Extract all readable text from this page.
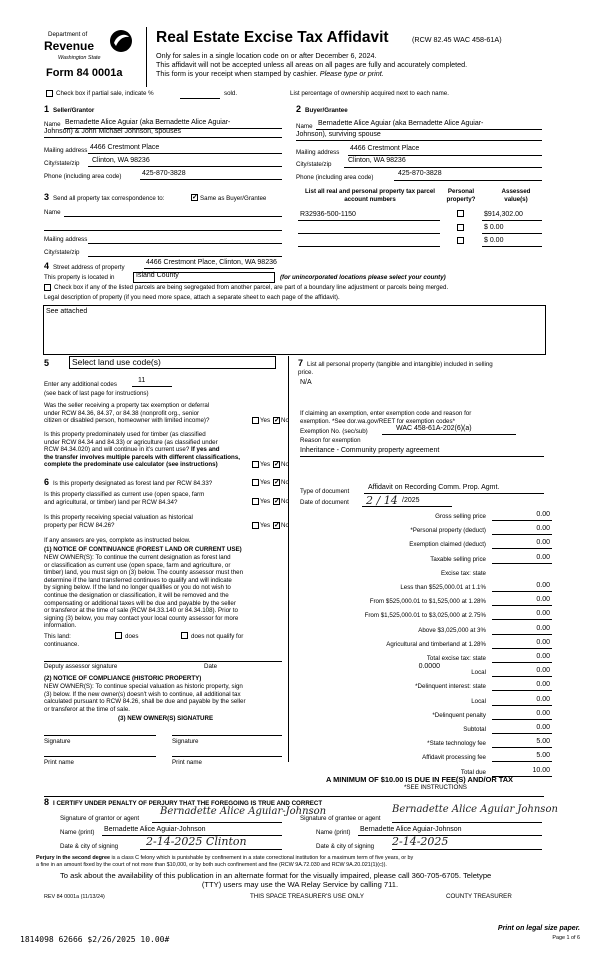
Department of
Revenue
Washington State
Form 84 0001a
Real Estate Excise Tax Affidavit	(RCW 82.45 WAC 458-61A)
Only for sales in a single location code on or after December 6, 2024.
This affidavit will not be accepted unless all areas on all pages are fully and accurately completed.
This form is your receipt when stamped by cashier. Please type or print.
Check box if partial sale, indicate %	sold.	List percentage of ownership acquired next to each name.
1 Seller/Grantor
Name Bernadette Alice Aguiar (aka Bernadette Alice Aguiar-
Johnson) & John Michael Johnson, spouses
Mailing address 4466 Crestmont Place
City/state/zip Clinton, WA 98236
Phone (including area code)	425-870-3828
2 Buyer/Grantee
Name Bernadette Alice Aguiar (aka Bernadette Alice Aguiar-
Johnson), surviving spouse
Mailing address
4466 Crestmont Place
City/state/zip
Clinton, WA 98236
Phone (including area code)
425-870-3828
3 Send all property tax correspondence to:	✓ Same as Buyer/Grantee
Name
Mailing address
City/state/zip
List all real and personal property tax parcel account numbers
Personal property?
Assessed value(s)
R32936-500-1150	$914,302.00
$ 0.00
$ 0.00
4 Street address of property
4466 Crestmont Place, Clinton, WA 98236
This property is located in	Island County	(for unincorporated locations please select your county)
Check box if any of the listed parcels are being segregated from another parcel, are part of a boundary line adjustment or parcels being merged.
Legal description of property (if you need more space, attach a separate sheet to each page of the affidavit).
See attached
5	Select land use code(s)
Enter any additional codes
11
(see back of last page for instructions)
Was the seller receiving a property tax exemption or deferral
under RCW 84.36, 84.37, or 84.38 (nonprofit org., senior
citizen or disabled person, homeowner with limited income)?	Yes ✓ No
Is this property predominately used for timber (as classified
under RCW 84.34 and 84.33) or agriculture (as classified under
RCW 84.34.020) and will continue in it's current use? If yes and
the transfer involves multiple parcels with different classifications,
complete the predominate use calculator (see instructions)	Yes ✓ No
6 Is this property designated as forest land per RCW 84.33?	Yes ✓ No
Is this property classified as current use (open space, farm
and agricultural, or timber) land per RCW 84.34?	Yes ✓ No
Is this property receiving special valuation as historical
property per RCW 84.26?	Yes ✓ No
If any answers are yes, complete as instructed below.
(1) NOTICE OF CONTINUANCE (FOREST LAND OR CURRENT USE)
NEW OWNER(S): To continue the current designation as forest land
or classification as current use (open space, farm and agriculture, or
timber) land, you must sign on (3) below. The county assessor must then
determine if the land transferred continues to qualify and will indicate
by signing below. If the land no longer qualifies or you do not wish to
continue the designation or classification, it will be removed and the
compensating or additional taxes will be due and payable by the seller
or transferor at the time of sale (RCW 84.33.140 or 84.34.108). Prior to
signing (3) below, you may contact your local county assessor for more
information.
This land:
continuance.
does	does not qualify for
Deputy assessor signature	Date
(2) NOTICE OF COMPLIANCE (HISTORIC PROPERTY)
NEW OWNER(S): To continue special valuation as historic property, sign
(3) below. If the new owner(s) doesn't wish to continue, all additional tax
calculated pursuant to RCW 84.26, shall be due and payable by the seller
or transferor at the time of sale.
(3) NEW OWNER(S) SIGNATURE
Signature	Signature
Print name	Print name
7 List all personal property (tangible and intangible) included in selling
price.
N/A
If claiming an exemption, enter exemption code and reason for
exemption. *See dor.wa.gov/REET for exemption codes*
Exemption No. (sec/sub)	WAC 458-61A-202(6)(a)
Reason for exemption
Inheritance - Community property agreement
Type of document
Affidavit on Recording Comm. Prop. Agmt.
Date of document 2 / 14 /2025
Gross selling price	0.00
*Personal property (deduct)	0.00
Exemption claimed (deduct)	0.00
Taxable selling price	0.00
Excise tax: state
Less than $525,000.01 at 1.1%	0.00
From $525,000.01 to $1,525,000 at 1.28%	0.00
From $1,525,000.01 to $3,025,000 at 2.75%	0.00
Above $3,025,000 at 3%	0.00
Agricultural and timberland at 1.28%	0.00
Total excise tax: state	0.00
Local	0.00
*Delinquent interest: state	0.00
Local	0.00
*Delinquent penalty	0.00
Subtotal	0.00
*State technology fee	5.00
Affidavit processing fee	5.00
Total due	10.00
0.0000
A MINIMUM OF $10.00 IS DUE IN FEE(S) AND/OR TAX
*SEE INSTRUCTIONS
8 I CERTIFY UNDER PENALTY OF PERJURY THAT THE FOREGOING IS TRUE AND CORRECT
Signature of grantor or agent
Bernadette Alice Aguiar-Johnson
Signature of grantee or agent
Bernadette Alice Aguiar Johnson
Name (print) Bernadette Alice Aguiar-Johnson	Name (print) Bernadette Alice Aguiar-Johnson
Date & city of signing	2-14-2025 Clinton	Date & city of signing 2-14-2025
Perjury in the second degree is a class C felony which is punishable by confinement in a state correctional institution for a maximum term of five years, or by
a fine in an amount fixed by the court of not more than $10,000, or by both such confinement and fine (RCW 9A.72.030 and RCW 9A.20.021(1)(c)).
To ask about the availability of this publication in an alternate format for the visually impaired, please call 360-705-6705. Teletype
(TTY) users may use the WA Relay Service by calling 711.
REV 84 0001a (11/13/24)	THIS SPACE TREASURER'S USE ONLY	COUNTY TREASURER
Print on legal size paper.
Page 1 of 6
1814098 62666 $2/26/2025 10.00#
